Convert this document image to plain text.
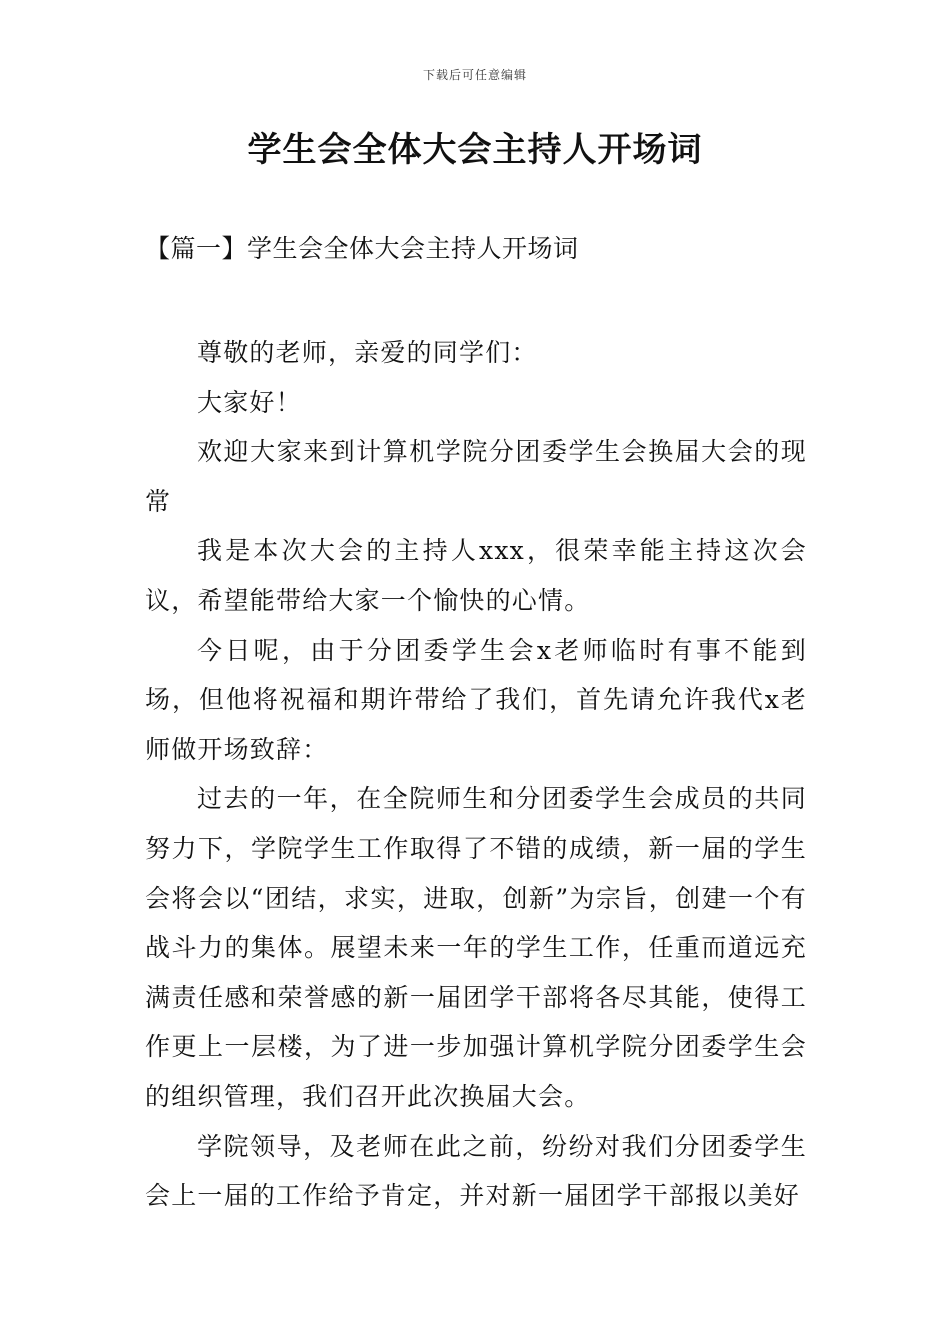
下载后可任意编辑
学生会全体大会主持人开场词
【篇一】学生会全体大会主持人开场词

尊敬的老师，亲爱的同学们：

大家好！

欢迎大家来到计算机学院分团委学生会换届大会的现常

我是本次大会的主持人xxx，很荣幸能主持这次会议，希望能带给大家一个愉快的心情。

今日呢，由于分团委学生会x老师临时有事不能到场，但他将祝福和期许带给了我们，首先请允许我代x老师做开场致辞：

过去的一年，在全院师生和分团委学生会成员的共同努力下，学院学生工作取得了不错的成绩，新一届的学生会将会以“团结，求实，进取，创新”为宗旨，创建一个有战斗力的集体。展望未来一年的学生工作，任重而道远充满责任感和荣誉感的新一届团学干部将各尽其能，使得工作更上一层楼，为了进一步加强计算机学院分团委学生会的组织管理，我们召开此次换届大会。

学院领导，及老师在此之前，纷纷对我们分团委学生会上一届的工作给予肯定，并对新一届团学干部报以美好
